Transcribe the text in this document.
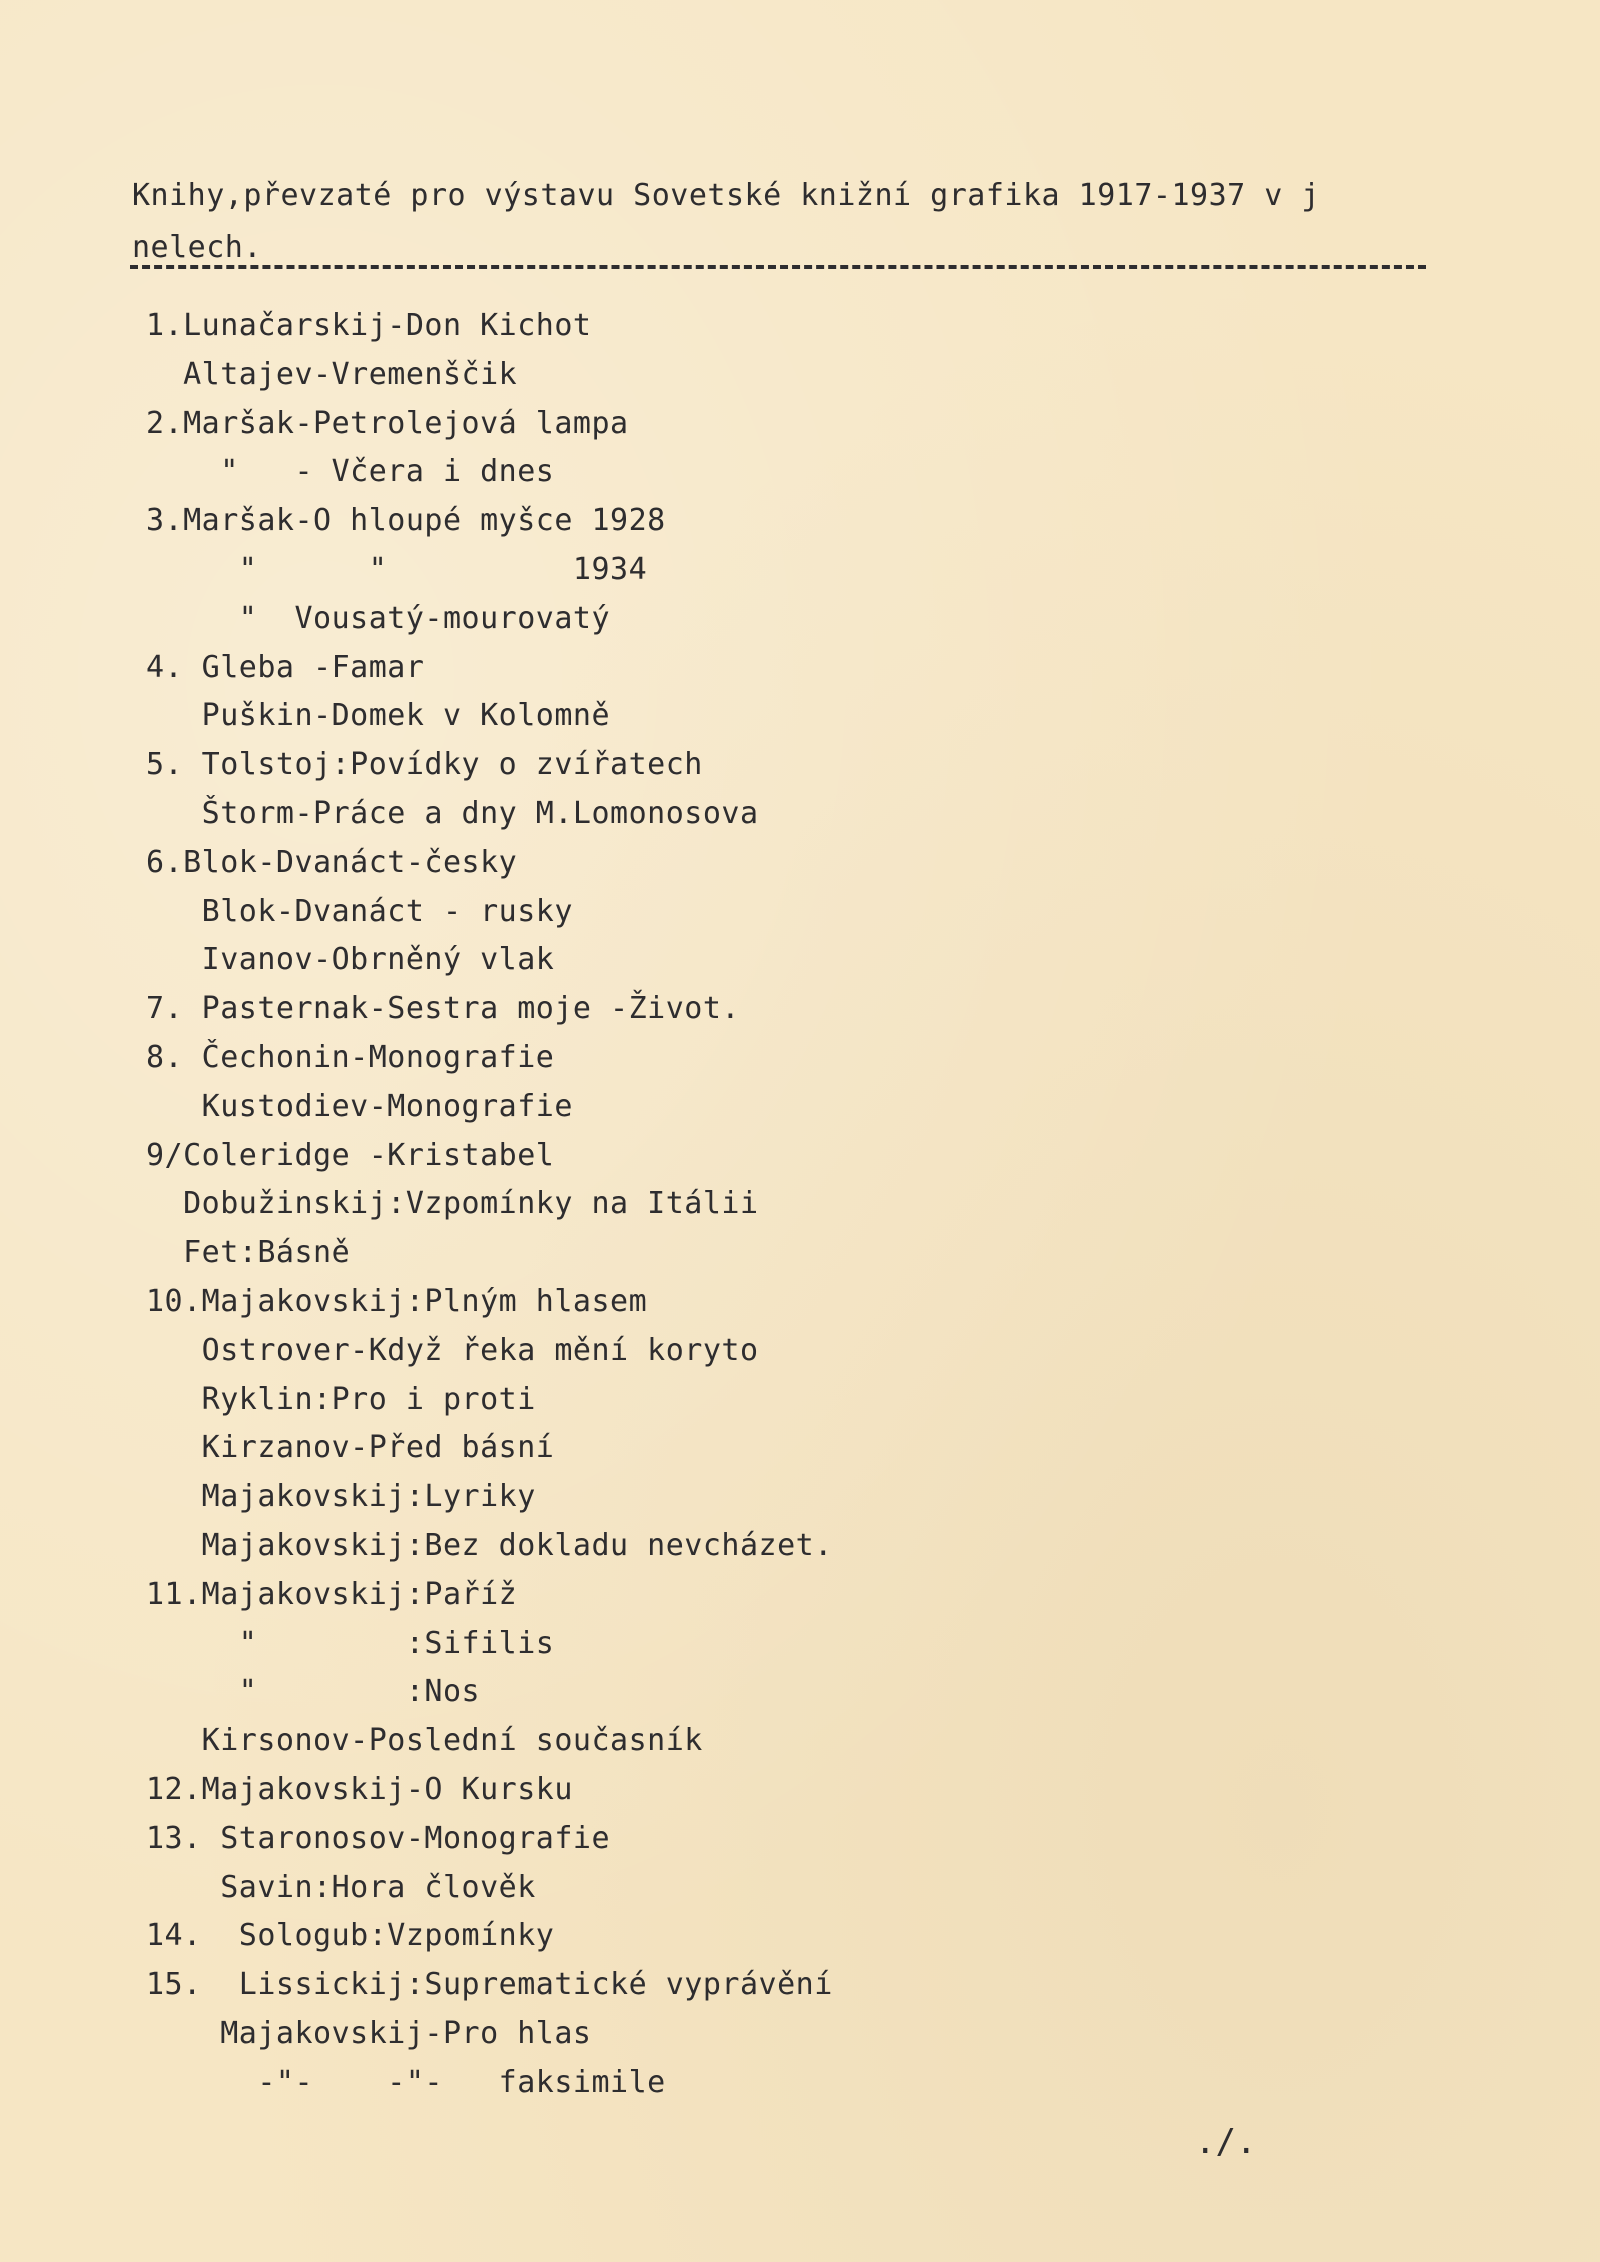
Knihy,převzaté pro výstavu Sovetské knižní grafika 1917-1937 v j
nelech.
1.Lunačarskij-Don Kichot
Altajev-Vremenščik
2.Maršak-Petrolejová lampa
"   - Včera i dnes
3.Maršak-O hloupé myšce 1928
"      "          1934
"  Vousatý-mourovatý
4. Gleba -Famar
Puškin-Domek v Kolomně
5. Tolstoj:Povídky o zvířatech
Štorm-Práce a dny M.Lomonosova
6.Blok-Dvanáct-česky
Blok-Dvanáct - rusky
Ivanov-Obrněný vlak
7. Pasternak-Sestra moje -Život.
8. Čechonin-Monografie
Kustodiev-Monografie
9/Coleridge -Kristabel
Dobužinskij:Vzpomínky na Itálii
Fet:Básně
10.Majakovskij:Plným hlasem
Ostrover-Když řeka mění koryto
Ryklin:Pro i proti
Kirzanov-Před básní
Majakovskij:Lyriky
Majakovskij:Bez dokladu nevcházet.
11.Majakovskij:Paříž
"        :Sifilis
"        :Nos
Kirsonov-Poslední současník
12.Majakovskij-O Kursku
13. Staronosov-Monografie
Savin:Hora člověk
14.  Sologub:Vzpomínky
15.  Lissickij:Suprematické vyprávění
Majakovskij-Pro hlas
-"-    -"-   faksimile
./.
